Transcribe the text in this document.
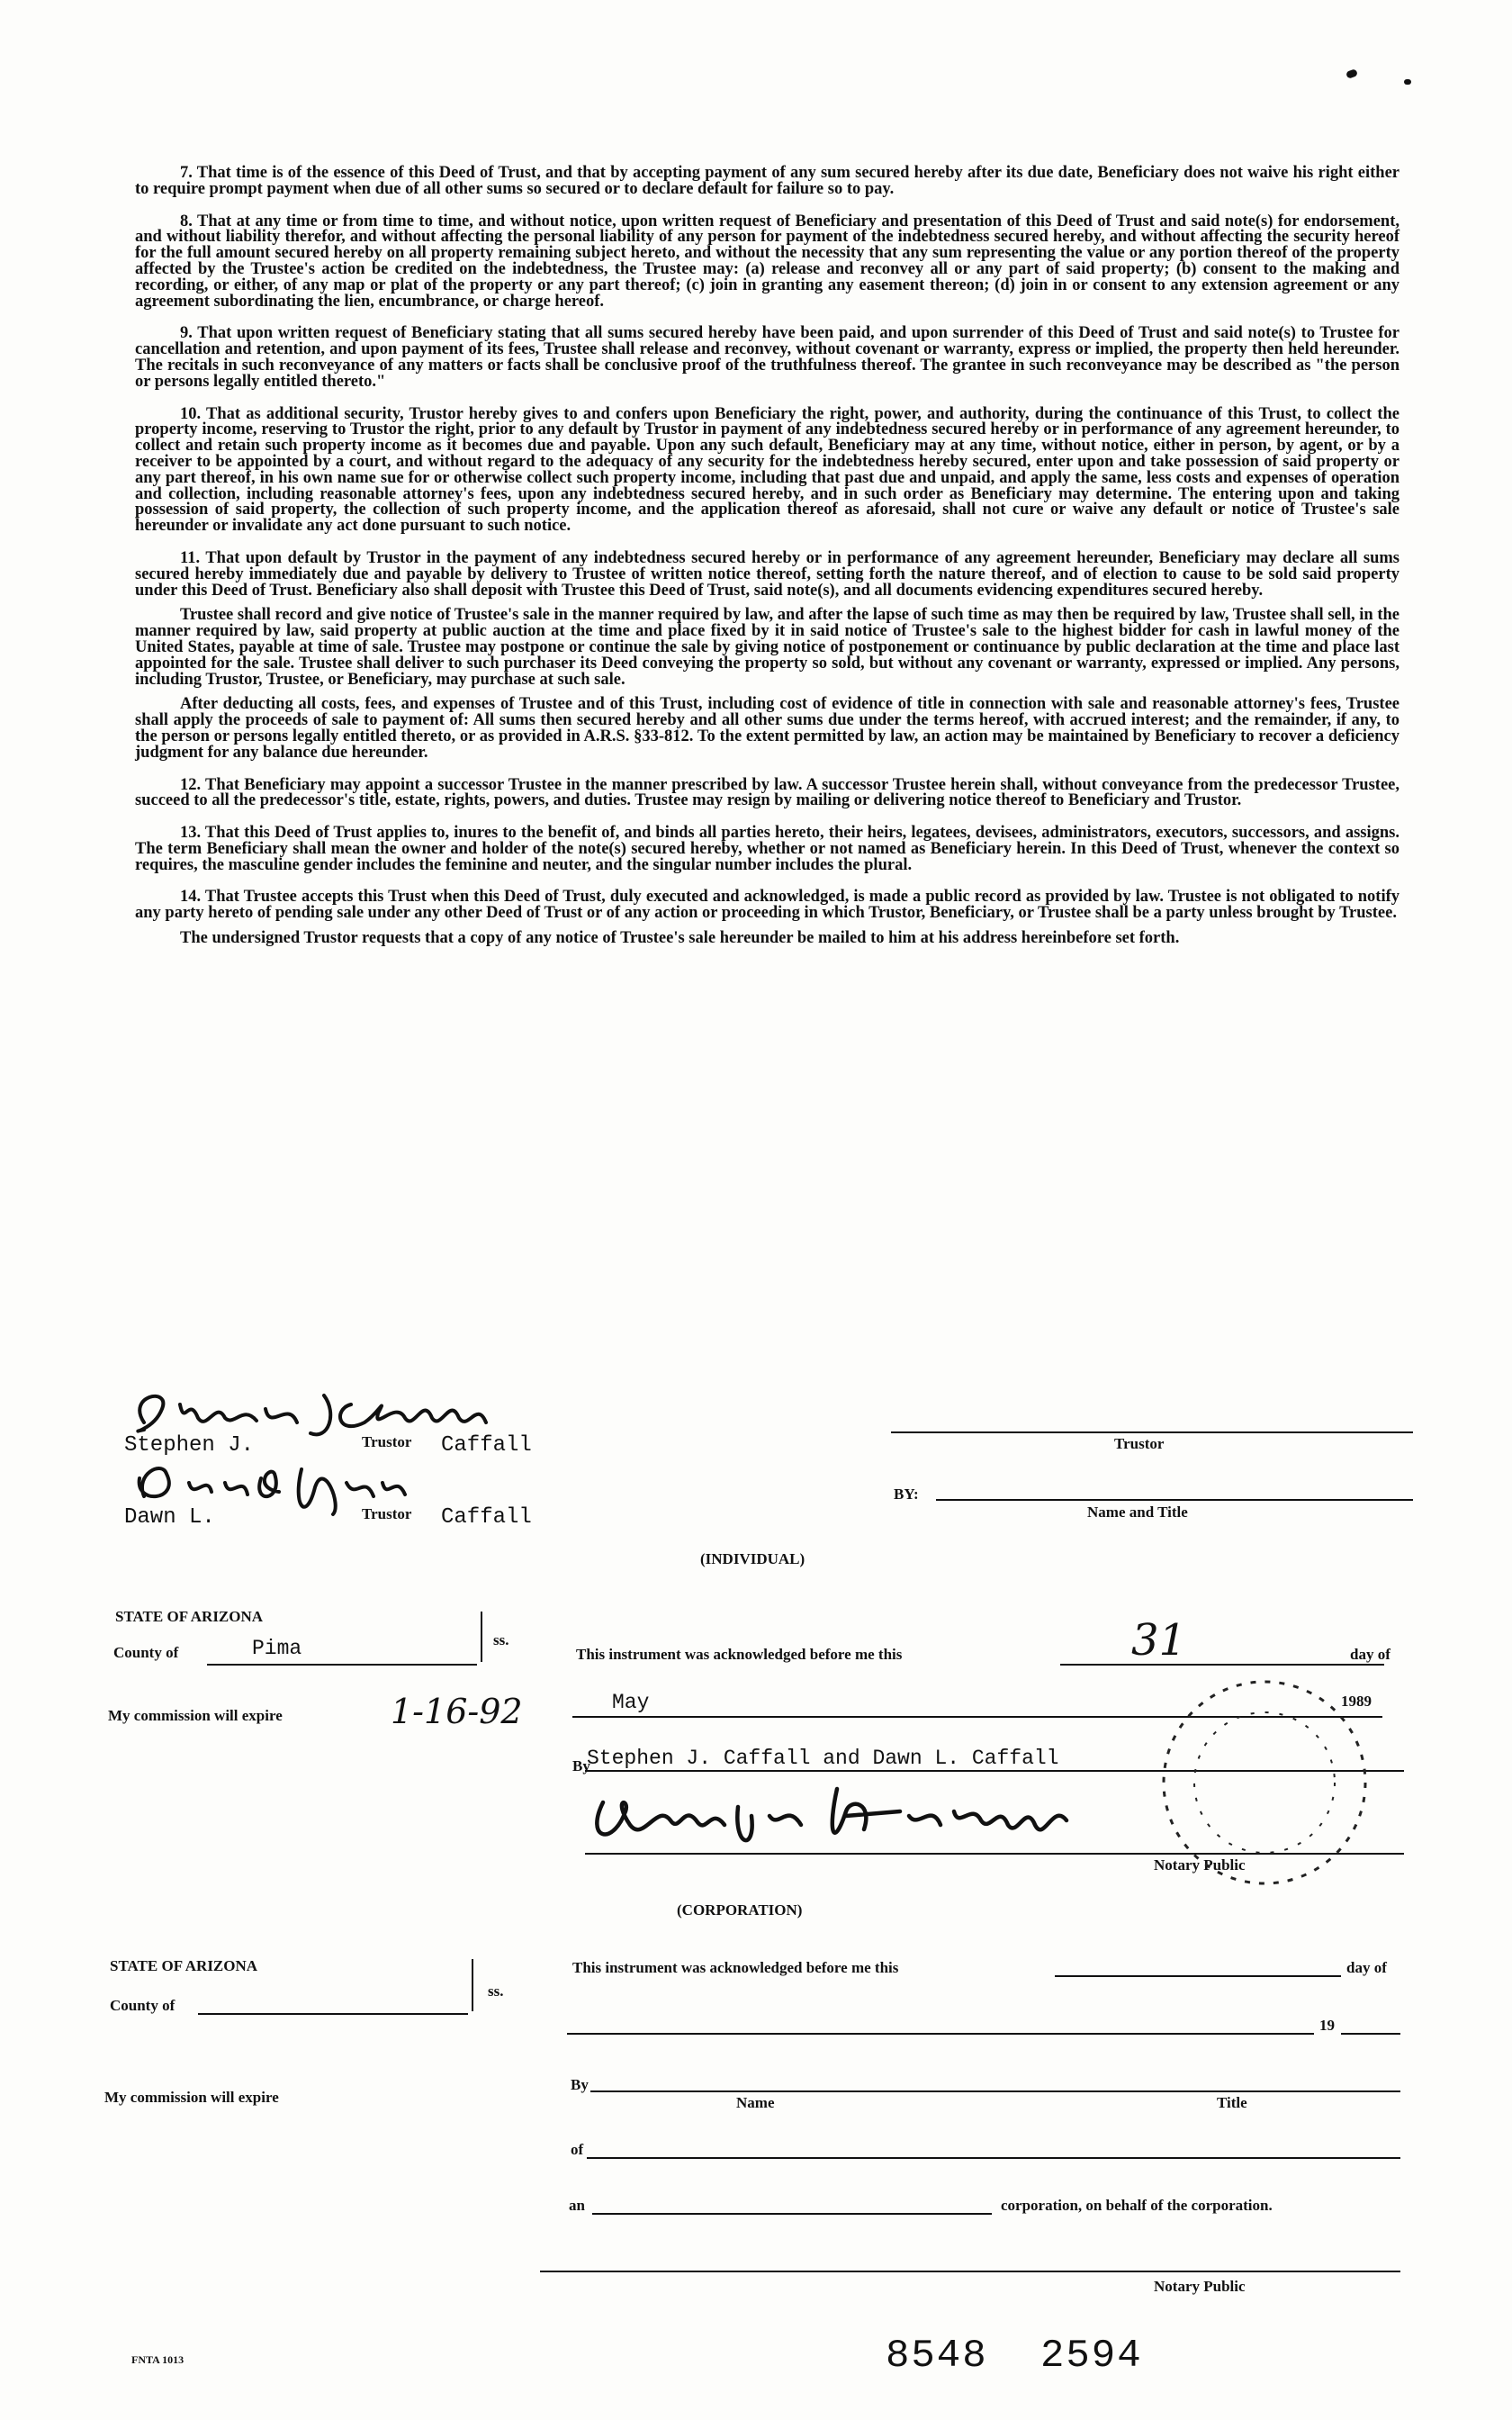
7. That time is of the essence of this Deed of Trust, and that by accepting payment of any sum secured hereby after its due date, Beneficiary does not waive his right either to require prompt payment when due of all other sums so secured or to declare default for failure so to pay.

8. That at any time or from time to time, and without notice, upon written request of Beneficiary and presentation of this Deed of Trust and said note(s) for endorsement, and without liability therefor, and without affecting the personal liability of any person for payment of the indebtedness secured hereby, and without affecting the security hereof for the full amount secured hereby on all property remaining subject hereto, and without the necessity that any sum representing the value or any portion thereof of the property affected by the Trustee's action be credited on the indebtedness, the Trustee may: (a) release and reconvey all or any part of said property; (b) consent to the making and recording, or either, of any map or plat of the property or any part thereof; (c) join in granting any easement thereon; (d) join in or consent to any extension agreement or any agreement subordinating the lien, encumbrance, or charge hereof.

9. That upon written request of Beneficiary stating that all sums secured hereby have been paid, and upon surrender of this Deed of Trust and said note(s) to Trustee for cancellation and retention, and upon payment of its fees, Trustee shall release and reconvey, without covenant or warranty, express or implied, the property then held hereunder. The recitals in such reconveyance of any matters or facts shall be conclusive proof of the truthfulness thereof. The grantee in such reconveyance may be described as "the person or persons legally entitled thereto."

10. That as additional security, Trustor hereby gives to and confers upon Beneficiary the right, power, and authority, during the continuance of this Trust, to collect the property income, reserving to Trustor the right, prior to any default by Trustor in payment of any indebtedness secured hereby or in performance of any agreement hereunder, to collect and retain such property income as it becomes due and payable. Upon any such default, Beneficiary may at any time, without notice, either in person, by agent, or by a receiver to be appointed by a court, and without regard to the adequacy of any security for the indebtedness hereby secured, enter upon and take possession of said property or any part thereof, in his own name sue for or otherwise collect such property income, including that past due and unpaid, and apply the same, less costs and expenses of operation and collection, including reasonable attorney's fees, upon any indebtedness secured hereby, and in such order as Beneficiary may determine. The entering upon and taking possession of said property, the collection of such property income, and the application thereof as aforesaid, shall not cure or waive any default or notice of Trustee's sale hereunder or invalidate any act done pursuant to such notice.

11. That upon default by Trustor in the payment of any indebtedness secured hereby or in performance of any agreement hereunder, Beneficiary may declare all sums secured hereby immediately due and payable by delivery to Trustee of written notice thereof, setting forth the nature thereof, and of election to cause to be sold said property under this Deed of Trust. Beneficiary also shall deposit with Trustee this Deed of Trust, said note(s), and all documents evidencing expenditures secured hereby.

Trustee shall record and give notice of Trustee's sale in the manner required by law, and after the lapse of such time as may then be required by law, Trustee shall sell, in the manner required by law, said property at public auction at the time and place fixed by it in said notice of Trustee's sale to the highest bidder for cash in lawful money of the United States, payable at time of sale. Trustee may postpone or continue the sale by giving notice of postponement or continuance by public declaration at the time and place last appointed for the sale. Trustee shall deliver to such purchaser its Deed conveying the property so sold, but without any covenant or warranty, expressed or implied. Any persons, including Trustor, Trustee, or Beneficiary, may purchase at such sale.

After deducting all costs, fees, and expenses of Trustee and of this Trust, including cost of evidence of title in connection with sale and reasonable attorney's fees, Trustee shall apply the proceeds of sale to payment of: All sums then secured hereby and all other sums due under the terms hereof, with accrued interest; and the remainder, if any, to the person or persons legally entitled thereto, or as provided in A.R.S. §33-812. To the extent permitted by law, an action may be maintained by Beneficiary to recover a deficiency judgment for any balance due hereunder.

12. That Beneficiary may appoint a successor Trustee in the manner prescribed by law. A successor Trustee herein shall, without conveyance from the predecessor Trustee, succeed to all the predecessor's title, estate, rights, powers, and duties. Trustee may resign by mailing or delivering notice thereof to Beneficiary and Trustor.

13. That this Deed of Trust applies to, inures to the benefit of, and binds all parties hereto, their heirs, legatees, devisees, administrators, executors, successors, and assigns. The term Beneficiary shall mean the owner and holder of the note(s) secured hereby, whether or not named as Beneficiary herein. In this Deed of Trust, whenever the context so requires, the masculine gender includes the feminine and neuter, and the singular number includes the plural.

14. That Trustee accepts this Trust when this Deed of Trust, duly executed and acknowledged, is made a public record as provided by law. Trustee is not obligated to notify any party hereto of pending sale under any other Deed of Trust or of any action or proceeding in which Trustor, Beneficiary, or Trustee shall be a party unless brought by Trustee.

The undersigned Trustor requests that a copy of any notice of Trustee's sale hereunder be mailed to him at his address hereinbefore set forth.

Stephen J.	Trustor Caffall
Dawn L.	Trustor Caffall
Trustor
BY:
Name and Title
(INDIVIDUAL)
STATE OF ARIZONA
County of	Pima	ss.
My commission will expire	1-16-92
This instrument was acknowledged before me this	31	day of
May	1989
By
Stephen J. Caffall and Dawn L. Caffall
Notary Public
(CORPORATION)
STATE OF ARIZONA
County of
ss.
My commission will expire
This instrument was acknowledged before me this	day of
19
By
Name	Title
of
an	corporation, on behalf of the corporation.
Notary Public
FNTA 1013	8548 2594
